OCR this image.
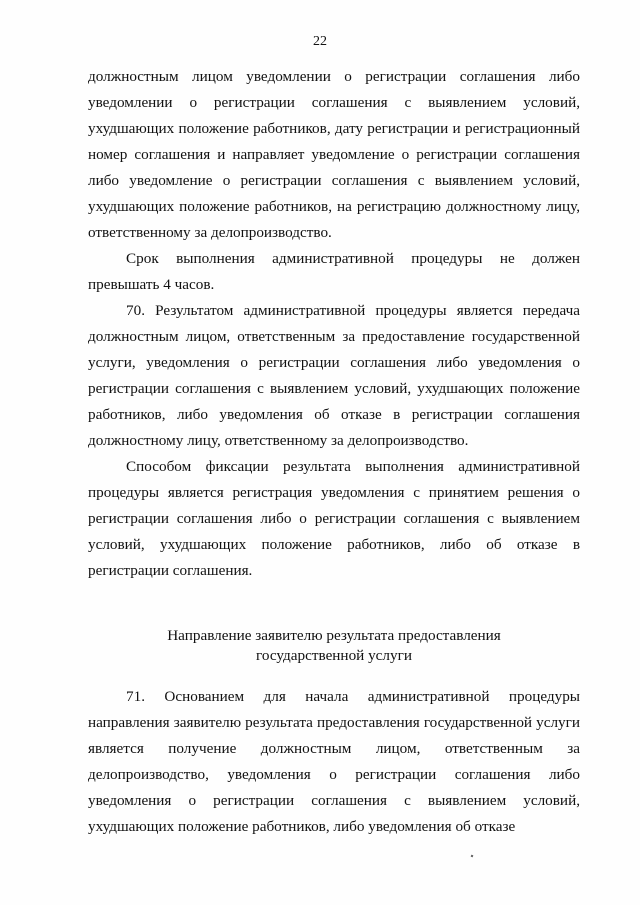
22

должностным лицом уведомлении о регистрации соглашения либо уведомлении о регистрации соглашения с выявлением условий, ухудшающих положение работников, дату регистрации и регистрационный номер соглашения и направляет уведомление о регистрации соглашения либо уведомление о регистрации соглашения с выявлением условий, ухудшающих положение работников, на регистрацию должностному лицу, ответственному за делопроизводство.

Срок выполнения административной процедуры не должен превышать 4 часов.

70. Результатом административной процедуры является передача должностным лицом, ответственным за предоставление государственной услуги, уведомления о регистрации соглашения либо уведомления о регистрации соглашения с выявлением условий, ухудшающих положение работников, либо уведомления об отказе в регистрации соглашения должностному лицу, ответственному за делопроизводство.

Способом фиксации результата выполнения административной процедуры является регистрация уведомления с принятием решения о регистрации соглашения либо о регистрации соглашения с выявлением условий, ухудшающих положение работников, либо об отказе в регистрации соглашения.

Направление заявителю результата предоставления
государственной услуги

71. Основанием для начала административной процедуры направления заявителю результата предоставления государственной услуги является получение должностным лицом, ответственным за делопроизводство, уведомления о регистрации соглашения либо уведомления о регистрации соглашения с выявлением условий, ухудшающих положение работников, либо уведомления об отказе
